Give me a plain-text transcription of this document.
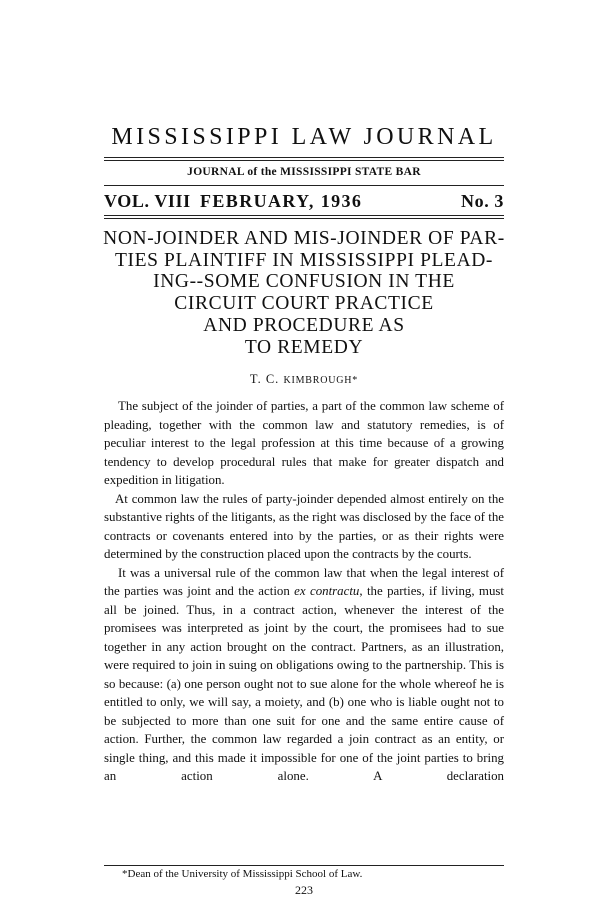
MISSISSIPPI LAW JOURNAL
JOURNAL of the MISSISSIPPI STATE BAR
VOL. VIII FEBRUARY, 1936	No. 3
NON-JOINDER AND MIS-JOINDER OF PAR-
TIES PLAINTIFF IN MISSISSIPPI PLEAD-
ING--SOME CONFUSION IN THE
CIRCUIT COURT PRACTICE
AND PROCEDURE AS
TO REMEDY
T. C. KIMBROUGH*

The subject of the joinder of parties, a part of the common law scheme of pleading, together with the common law and statutory remedies, is of peculiar interest to the legal profession at this time because of a growing tendency to develop procedural rules that make for greater dispatch and expedition in litigation.

At common law the rules of party-joinder depended almost entirely on the substantive rights of the litigants, as the right was disclosed by the face of the contracts or covenants entered into by the parties, or as their rights were determined by the construction placed upon the contracts by the courts.

It was a universal rule of the common law that when the legal interest of the parties was joint and the action ex contractu, the parties, if living, must all be joined. Thus, in a contract action, whenever the interest of the promisees was interpreted as joint by the court, the promisees had to sue together in any action brought on the contract. Partners, as an illustration, were required to join in suing on obligations owing to the partnership. This is so because: (a) one person ought not to sue alone for the whole whereof he is entitled to only, we will say, a moiety, and (b) one who is liable ought not to be subjected to more than one suit for one and the same entire cause of action. Further, the common law regarded a join contract as an entity, or single thing, and this made it impossible for one of the joint parties to bring an action alone. A declaration

*Dean of the University of Mississippi School of Law.
223
